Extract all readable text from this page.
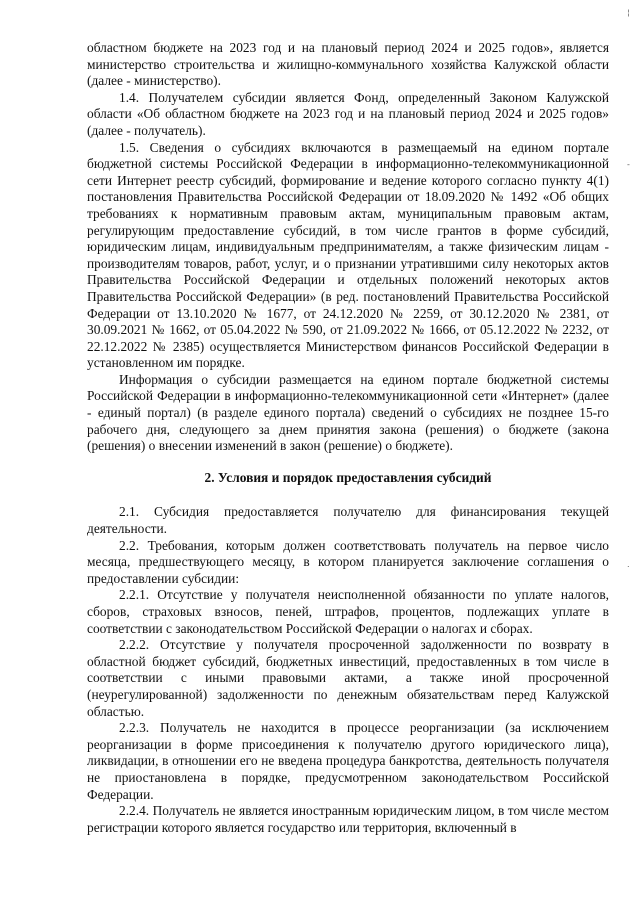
областном бюджете на 2023 год и на плановый период 2024 и 2025 годов», является министерство строительства и жилищно-коммунального хозяйства Калужской области (далее - министерство).

1.4. Получателем субсидии является Фонд, определенный Законом Калужской области «Об областном бюджете на 2023 год и на плановый период 2024 и 2025 годов» (далее - получатель).

1.5. Сведения о субсидиях включаются в размещаемый на едином портале бюджетной системы Российской Федерации в информационно-телекоммуникационной сети Интернет реестр субсидий, формирование и ведение которого согласно пункту 4(1) постановления Правительства Российской Федерации от 18.09.2020 № 1492 «Об общих требованиях к нормативным правовым актам, муниципальным правовым актам, регулирующим предоставление субсидий, в том числе грантов в форме субсидий, юридическим лицам, индивидуальным предпринимателям, а также физическим лицам - производителям товаров, работ, услуг, и о признании утратившими силу некоторых актов Правительства Российской Федерации и отдельных положений некоторых актов Правительства Российской Федерации» (в ред. постановлений Правительства Российской Федерации от 13.10.2020 № 1677, от 24.12.2020 № 2259, от 30.12.2020 № 2381, от 30.09.2021 № 1662, от 05.04.2022 № 590, от 21.09.2022 № 1666, от 05.12.2022 № 2232, от 22.12.2022 № 2385) осуществляется Министерством финансов Российской Федерации в установленном им порядке.

Информация о субсидии размещается на едином портале бюджетной системы Российской Федерации в информационно-телекоммуникационной сети «Интернет» (далее - единый портал) (в разделе единого портала) сведений о субсидиях не позднее 15-го рабочего дня, следующего за днем принятия закона (решения) о бюджете (закона (решения) о внесении изменений в закон (решение) о бюджете).

2. Условия и порядок предоставления субсидий

2.1. Субсидия предоставляется получателю для финансирования текущей деятельности.

2.2. Требования, которым должен соответствовать получатель на первое число месяца, предшествующего месяцу, в котором планируется заключение соглашения о предоставлении субсидии:

2.2.1. Отсутствие у получателя неисполненной обязанности по уплате налогов, сборов, страховых взносов, пеней, штрафов, процентов, подлежащих уплате в соответствии с законодательством Российской Федерации о налогах и сборах.

2.2.2. Отсутствие у получателя просроченной задолженности по возврату в областной бюджет субсидий, бюджетных инвестиций, предоставленных в том числе в соответствии с иными правовыми актами, а также иной просроченной (неурегулированной) задолженности по денежным обязательствам перед Калужской областью.

2.2.3. Получатель не находится в процессе реорганизации (за исключением реорганизации в форме присоединения к получателю другого юридического лица), ликвидации, в отношении его не введена процедура банкротства, деятельность получателя не приостановлена в порядке, предусмотренном законодательством Российской Федерации.

2.2.4. Получатель не является иностранным юридическим лицом, в том числе местом регистрации которого является государство или территория, включенный в

-
.
¦
